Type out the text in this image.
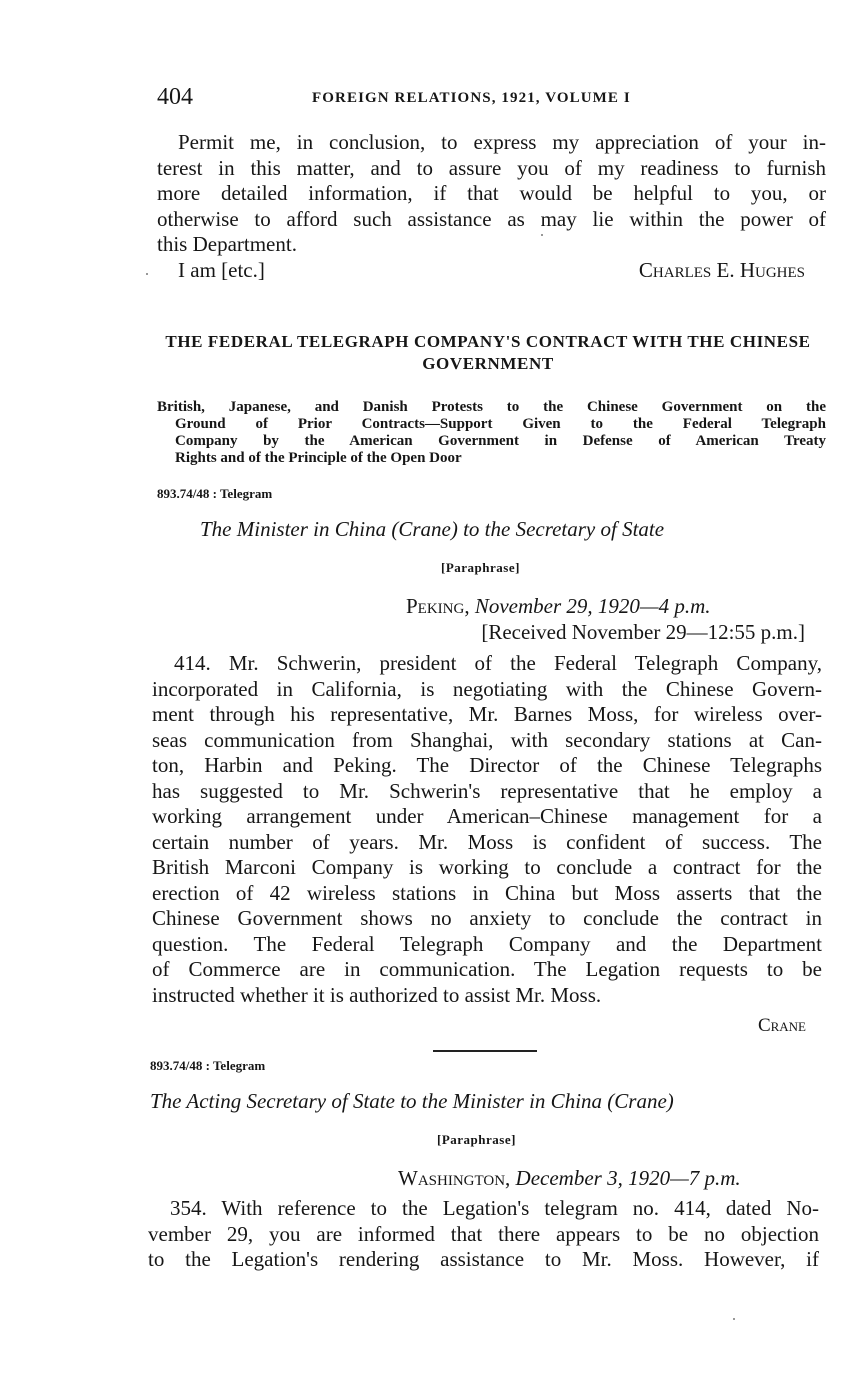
404	FOREIGN RELATIONS, 1921, VOLUME I
Permit me, in conclusion, to express my appreciation of your in-
terest in this matter, and to assure you of my readiness to furnish
more detailed information, if that would be helpful to you, or
otherwise to afford such assistance as may lie within the power of
this Department.
I am [etc.]	Charles E. Hughes
THE FEDERAL TELEGRAPH COMPANY'S CONTRACT WITH THE CHINESE GOVERNMENT
British, Japanese, and Danish Protests to the Chinese Government on the
Ground of Prior Contracts—Support Given to the Federal Telegraph
Company by the American Government in Defense of American Treaty
Rights and of the Principle of the Open Door
893.74/48 : Telegram
The Minister in China (Crane) to the Secretary of State
[Paraphrase]
Peking, November 29, 1920—4 p.m.
[Received November 29—12:55 p.m.]
414. Mr. Schwerin, president of the Federal Telegraph Company,
incorporated in California, is negotiating with the Chinese Govern-
ment through his representative, Mr. Barnes Moss, for wireless over-
seas communication from Shanghai, with secondary stations at Can-
ton, Harbin and Peking. The Director of the Chinese Telegraphs
has suggested to Mr. Schwerin's representative that he employ a
working arrangement under American–Chinese management for a
certain number of years. Mr. Moss is confident of success. The
British Marconi Company is working to conclude a contract for the
erection of 42 wireless stations in China but Moss asserts that the
Chinese Government shows no anxiety to conclude the contract in
question. The Federal Telegraph Company and the Department
of Commerce are in communication. The Legation requests to be
instructed whether it is authorized to assist Mr. Moss.
Crane
893.74/48 : Telegram
The Acting Secretary of State to the Minister in China (Crane)
[Paraphrase]
Washington, December 3, 1920—7 p.m.
354. With reference to the Legation's telegram no. 414, dated No-
vember 29, you are informed that there appears to be no objection
to the Legation's rendering assistance to Mr. Moss. However, if
